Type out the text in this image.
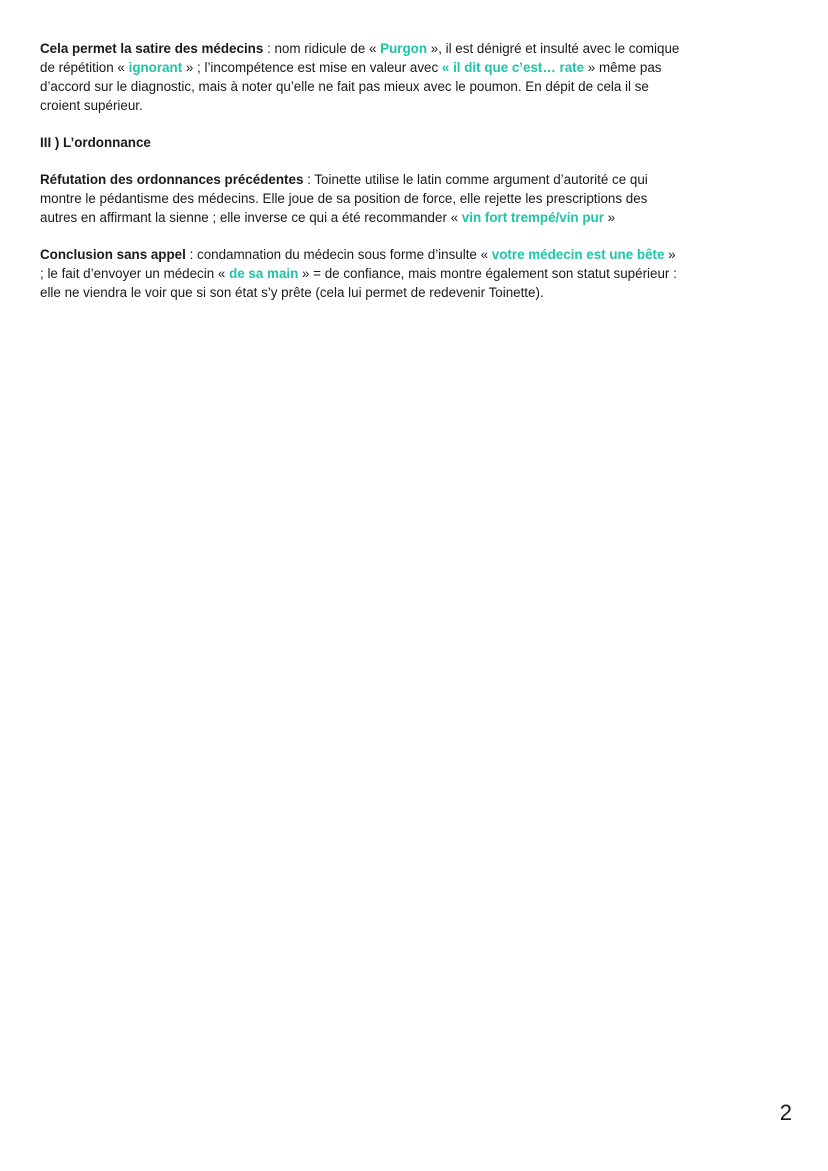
Cela permet la satire des médecins : nom ridicule de « Purgon », il est dénigré et insulté avec le comique de répétition « ignorant » ; l’incompétence est mise en valeur avec « il dit que c’est… rate » même pas d’accord sur le diagnostic, mais à noter qu’elle ne fait pas mieux avec le poumon. En dépit de cela il se croient supérieur.

III ) L’ordonnance

Réfutation des ordonnances précédentes : Toinette utilise le latin comme argument d’autorité ce qui montre le pédantisme des médecins. Elle joue de sa position de force, elle rejette les prescriptions des autres en affirmant la sienne ; elle inverse ce qui a été recommander « vin fort trempé/vin pur »

Conclusion sans appel : condamnation du médecin sous forme d’insulte « votre médecin est une bête » ; le fait d’envoyer un médecin « de sa main » = de confiance, mais montre également son statut supérieur : elle ne viendra le voir que si son état s’y prête (cela lui permet de redevenir Toinette).

2
